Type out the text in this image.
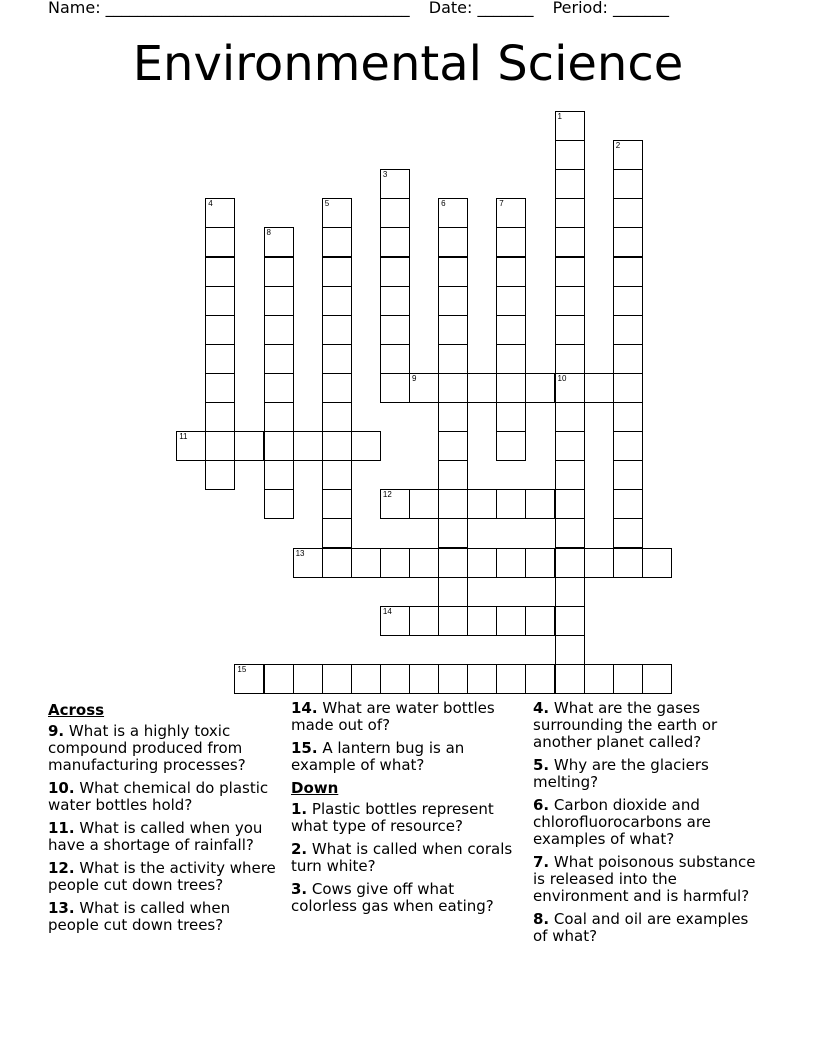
Name: ______________________________________ Date: _______ Period: _______
Environmental Science
1
10
2
3
4	5	6	7
8
9
11
12
13
14
15
Across
9. What is a highly toxic compound produced from manufacturing processes?
10. What chemical do plastic water bottles hold?
11. What is called when you have a shortage of rainfall?
12. What is the activity where people cut down trees?
13. What is called when people cut down trees?
14. What are water bottles made out of?
15. A lantern bug is an example of what?
Down
1. Plastic bottles represent what type of resource?
2. What is called when corals turn white?
3. Cows give off what colorless gas when eating?
4. What are the gases surrounding the earth or another planet called?
5. Why are the glaciers melting?
6. Carbon dioxide and chlorofluorocarbons are examples of what?
7. What poisonous substance is released into the environment and is harmful?
8. Coal and oil are examples of what?
